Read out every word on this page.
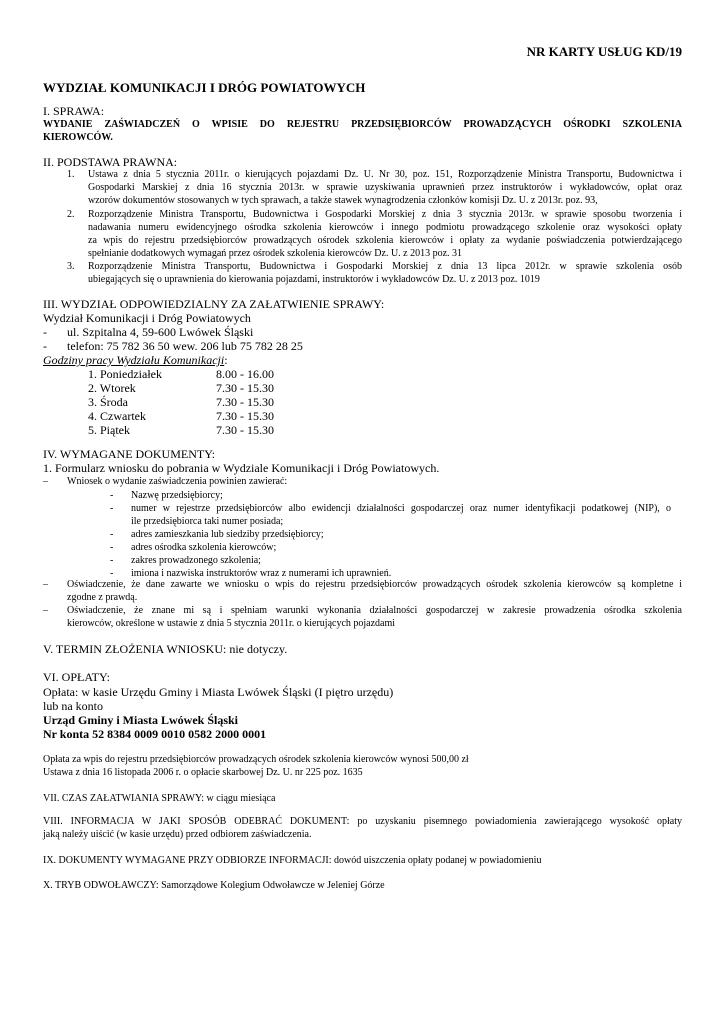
NR KARTY USŁUG KD/19
WYDZIAŁ KOMUNIKACJI I DRÓG POWIATOWYCH
I. SPRAWA:
WYDANIE ZAŚWIADCZEŃ O WPISIE DO REJESTRU PRZEDSIĘBIORCÓW PROWADZĄCYCH OŚRODKI SZKOLENIA
KIEROWCÓW.
II. PODSTAWA PRAWNA:
1. Ustawa z dnia 5 stycznia 2011r. o kierujących pojazdami Dz. U. Nr 30, poz. 151, Rozporządzenie Ministra Transportu, Budownictwa i
Gospodarki Marskiej z dnia 16 stycznia 2013r. w sprawie uzyskiwania uprawnień przez instruktorów i wykładowców, opłat oraz
wzorów dokumentów stosowanych w tych sprawach, a także stawek wynagrodzenia członków komisji Dz. U. z 2013r. poz. 93,
2. Rozporządzenie Ministra Transportu, Budownictwa i Gospodarki Morskiej z dnia 3 stycznia 2013r. w sprawie sposobu tworzenia i
nadawania numeru ewidencyjnego ośrodka szkolenia kierowców i innego podmiotu prowadzącego szkolenie oraz wysokości opłaty
za wpis do rejestru przedsiębiorców prowadzących ośrodek szkolenia kierowców i opłaty za wydanie poświadczenia potwierdzającego
spełnianie dodatkowych wymagań przez ośrodek szkolenia kierowców Dz. U. z 2013 poz. 31
3. Rozporządzenie Ministra Transportu, Budownictwa i Gospodarki Morskiej z dnia 13 lipca 2012r. w sprawie szkolenia osób
ubiegających się o uprawnienia do kierowania pojazdami, instruktorów i wykładowców Dz. U. z 2013 poz. 1019
III. WYDZIAŁ ODPOWIEDZIALNY ZA ZAŁATWIENIE SPRAWY:
Wydział Komunikacji i Dróg Powiatowych
- ul. Szpitalna 4, 59-600 Lwówek Śląski
- telefon: 75 782 36 50 wew. 206 lub 75 782 28 25
Godziny pracy Wydziału Komunikacji:
1. Poniedziałek	8.00 - 16.00
2. Wtorek	7.30 - 15.30
3. Środa	7.30 - 15.30
4. Czwartek	7.30 - 15.30
5. Piątek	7.30 - 15.30
IV. WYMAGANE DOKUMENTY:
1. Formularz wniosku do pobrania w Wydziale Komunikacji i Dróg Powiatowych.
– Wniosek o wydanie zaświadczenia powinien zawierać:
- Nazwę przedsiębiorcy;
- numer w rejestrze przedsiębiorców albo ewidencji działalności gospodarczej oraz numer identyfikacji podatkowej (NIP), o
ile przedsiębiorca taki numer posiada;
- adres zamieszkania lub siedziby przedsiębiorcy;
- adres ośrodka szkolenia kierowców;
- zakres prowadzonego szkolenia;
- imiona i nazwiska instruktorów wraz z numerami ich uprawnień.
– Oświadczenie, że dane zawarte we wniosku o wpis do rejestru przedsiębiorców prowadzących ośrodek szkolenia kierowców są kompletne i
zgodne z prawdą.
– Oświadczenie, że znane mi są i spełniam warunki wykonania działalności gospodarczej w zakresie prowadzenia ośrodka szkolenia
kierowców, określone w ustawie z dnia 5 stycznia 2011r. o kierujących pojazdami
V. TERMIN ZŁOŻENIA WNIOSKU: nie dotyczy.
VI. OPŁATY:
Opłata: w kasie Urzędu Gminy i Miasta Lwówek Śląski (I piętro urzędu)
lub na konto
Urząd Gminy i Miasta Lwówek Śląski
Nr konta 52 8384 0009 0010 0582 2000 0001
Opłata za wpis do rejestru przedsiębiorców prowadzących ośrodek szkolenia kierowców wynosi 500,00 zł
Ustawa z dnia 16 listopada 2006 r. o opłacie skarbowej Dz. U. nr 225 poz. 1635
VII. CZAS ZAŁATWIANIA SPRAWY: w ciągu miesiąca
VIII. INFORMACJA W JAKI SPOSÓB ODEBRAĆ DOKUMENT: po uzyskaniu pisemnego powiadomienia zawierającego wysokość opłaty
jaką należy uiścić (w kasie urzędu) przed odbiorem zaświadczenia.
IX. DOKUMENTY WYMAGANE PRZY ODBIORZE INFORMACJI: dowód uiszczenia opłaty podanej w powiadomieniu
X. TRYB ODWOŁAWCZY: Samorządowe Kolegium Odwoławcze w Jeleniej Górze
